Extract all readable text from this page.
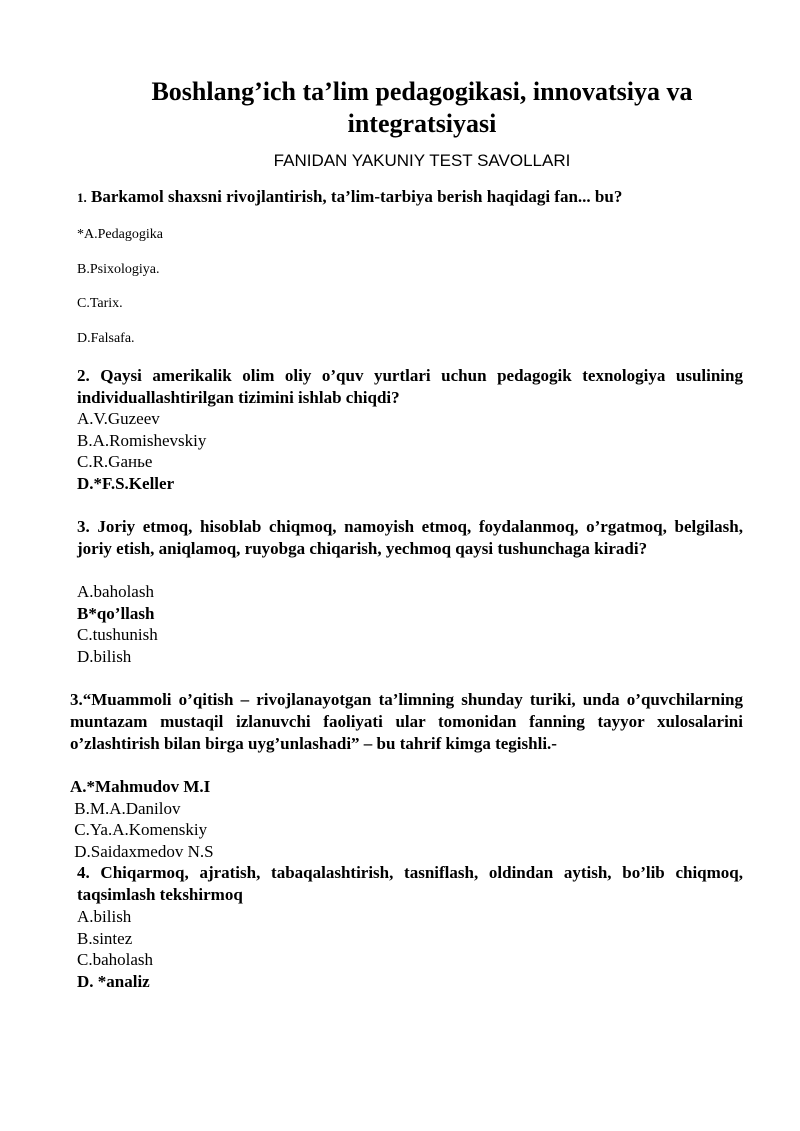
Boshlang’ich ta’lim pedagogikasi, innovatsiya va integratsiyasi
FANIDAN YAKUNIY TEST SAVOLLARI
1. Barkamol shaxsni rivojlantirish, ta’lim-tarbiya berish haqidagi fan... bu?
*A.Pedagogika
B.Psixologiya.
C.Tarix.
D.Falsafa.
2. Qaysi amerikalik olim oliy o’quv yurtlari uchun pedagogik texnologiya usulining individuallashtirilgan tizimini ishlab chiqdi?
A.V.Guzeev
B.A.Romishevskiy
C.R.Gaнье
D.*F.S.Keller
3. Joriy etmoq, hisoblab chiqmoq, namoyish etmoq, foydalanmoq, o’rgatmoq, belgilash, joriy etish, aniqlamoq, ruyobga chiqarish, yechmoq qaysi tushunchaga kiradi?
A.baholash
B*qo’llash
C.tushunish
D.bilish
3.“Muammoli o’qitish – rivojlanayotgan ta’limning shunday turiki, unda o’quvchilarning muntazam mustaqil izlanuvchi faoliyati ular tomonidan fanning tayyor xulosalarini o’zlashtirish bilan birga uyg’unlashadi” – bu tahrif kimga tegishli.-
A.*Mahmudov M.I
B.M.A.Danilov
C.Ya.A.Komenskiy
D.Saidaxmedov N.S
4. Chiqarmoq, ajratish, tabaqalashtirish, tasniflash, oldindan aytish, bo’lib chiqmoq, taqsimlash tekshirmoq
A.bilish
B.sintez
C.baholash
D. *analiz
